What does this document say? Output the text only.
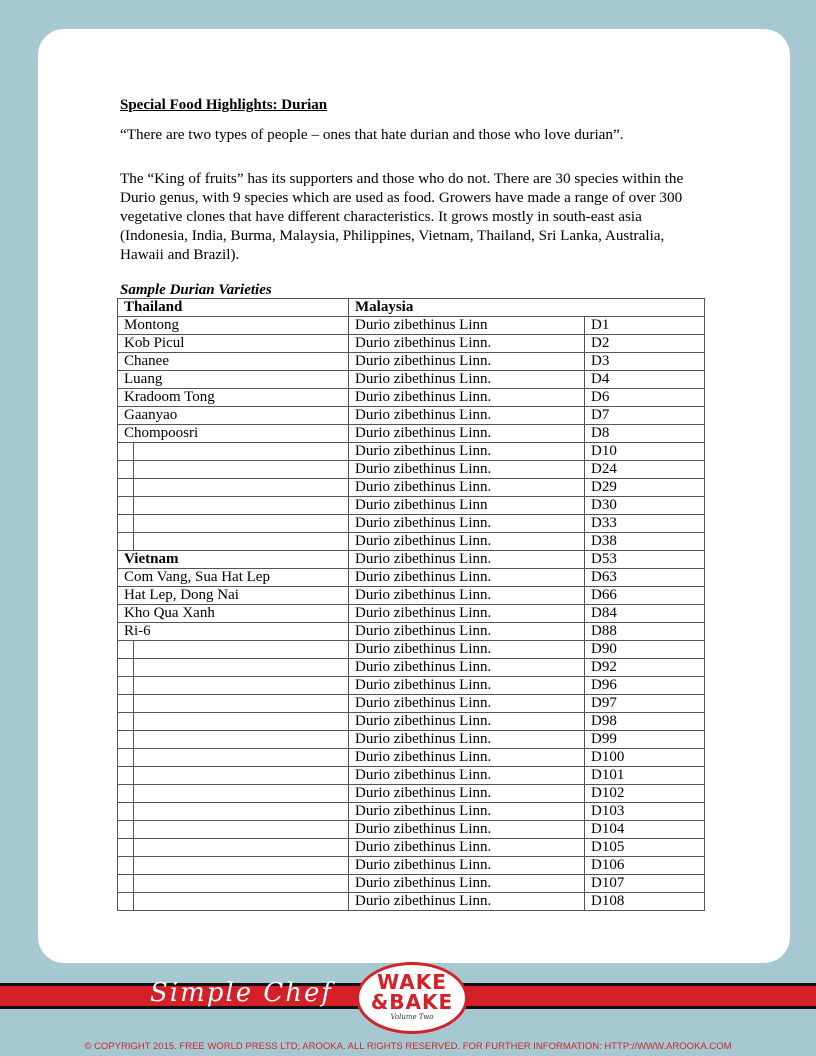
Special Food Highlights: Durian
“There are two types of people – ones that hate durian and those who love durian”.
The “King of fruits” has its supporters and those who do not. There are 30 species within the Durio genus, with 9 species which are used as food. Growers have made a range of over 300 vegetative clones that have different characteristics. It grows mostly in south-east asia (Indonesia, India, Burma, Malaysia, Philippines, Vietnam, Thailand, Sri Lanka, Australia, Hawaii and Brazil).
Sample Durian Varieties
Thailand		Malaysia	
Montong		Durio zibethinus Linn	D1
Kob Picul		Durio zibethinus Linn.	D2
Chanee		Durio zibethinus Linn.	D3
Luang		Durio zibethinus Linn.	D4
Kradoom Tong		Durio zibethinus Linn.	D6
Gaanyao		Durio zibethinus Linn.	D7
Chompoosri		Durio zibethinus Linn.	D8
		Durio zibethinus Linn.	D10
		Durio zibethinus Linn.	D24
		Durio zibethinus Linn.	D29
		Durio zibethinus Linn	D30
		Durio zibethinus Linn.	D33
		Durio zibethinus Linn.	D38
Vietnam		Durio zibethinus Linn.	D53
Com Vang, Sua Hat Lep		Durio zibethinus Linn.	D63
Hat Lep, Dong Nai		Durio zibethinus Linn.	D66
Kho Qua Xanh		Durio zibethinus Linn.	D84
Ri-6		Durio zibethinus Linn.	D88
		Durio zibethinus Linn.	D90
		Durio zibethinus Linn.	D92
		Durio zibethinus Linn.	D96
		Durio zibethinus Linn.	D97
		Durio zibethinus Linn.	D98
		Durio zibethinus Linn.	D99
		Durio zibethinus Linn.	D100
		Durio zibethinus Linn.	D101
		Durio zibethinus Linn.	D102
		Durio zibethinus Linn.	D103
		Durio zibethinus Linn.	D104
		Durio zibethinus Linn.	D105
		Durio zibethinus Linn.	D106
		Durio zibethinus Linn.	D107
		Durio zibethinus Linn.	D108
Simple Chef	WAKE
&BAKE
Volume Two
© COPYRIGHT 2015. FREE WORLD PRESS LTD; AROOKA. ALL RIGHTS RESERVED. FOR FURTHER INFORMATION: HTTP://WWW.AROOKA.COM
